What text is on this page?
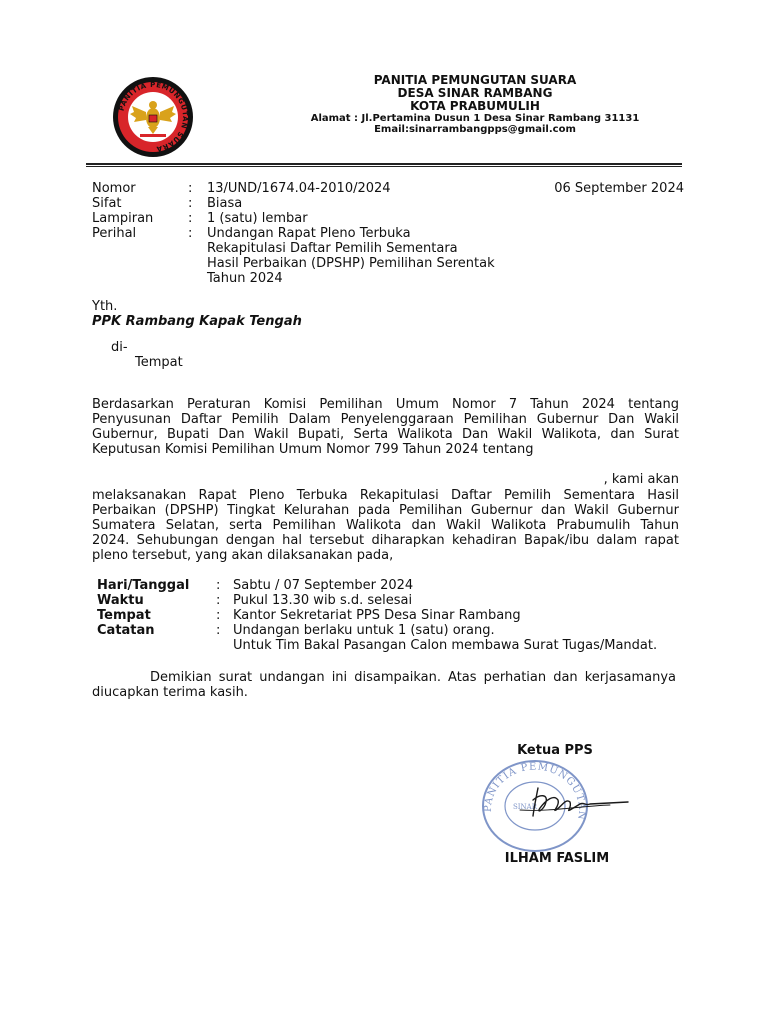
PANITIA PEMUNGUTAN SUARA
PANITIA PEMUNGUTAN SUARA
DESA SINAR RAMBANG
KOTA PRABUMULIH
Alamat : Jl.Pertamina Dusun 1 Desa Sinar Rambang 31131
Email:sinarrambangpps@gmail.com
Nomor	:	13/UND/1674.04-2010/2024	06 September 2024
Sifat	:	Biasa
Lampiran	:	1 (satu) lembar
Perihal	:	Undangan Rapat Pleno Terbuka
Rekapitulasi Daftar Pemilih Sementara
Hasil Perbaikan (DPSHP) Pemilihan Serentak
Tahun 2024
Yth.
PPK Rambang Kapak Tengah
di-
Tempat
Berdasarkan Peraturan Komisi Pemilihan Umum Nomor 7 Tahun 2024 tentang
Penyusunan Daftar Pemilih Dalam Penyelenggaraan Pemilihan Gubernur Dan Wakil
Gubernur, Bupati Dan Wakil Bupati, Serta Walikota Dan Wakil Walikota, dan Surat
Keputusan Komisi Pemilihan Umum Nomor 799 Tahun 2024 tentang
, kami akan
melaksanakan Rapat Pleno Terbuka Rekapitulasi Daftar Pemilih Sementara Hasil
Perbaikan (DPSHP) Tingkat Kelurahan pada Pemilihan Gubernur dan Wakil Gubernur
Sumatera Selatan, serta Pemilihan Walikota dan Wakil Walikota Prabumulih Tahun
2024. Sehubungan dengan hal tersebut diharapkan kehadiran Bapak/ibu dalam rapat
pleno tersebut, yang akan dilaksanakan pada,
Hari/Tanggal	: Sabtu / 07 September 2024
Waktu	: Pukul 13.30 wib s.d. selesai
Tempat	: Kantor Sekretariat PPS Desa Sinar Rambang
Catatan	: Undangan berlaku untuk 1 (satu) orang.
Untuk Tim Bakal Pasangan Calon membawa Surat Tugas/Mandat.
Demikian surat undangan ini disampaikan. Atas perhatian dan kerjasamanya
diucapkan terima kasih.
Ketua PPS
PANITIA PEMUNGUTAN
SINAR
ILHAM FASLIM
